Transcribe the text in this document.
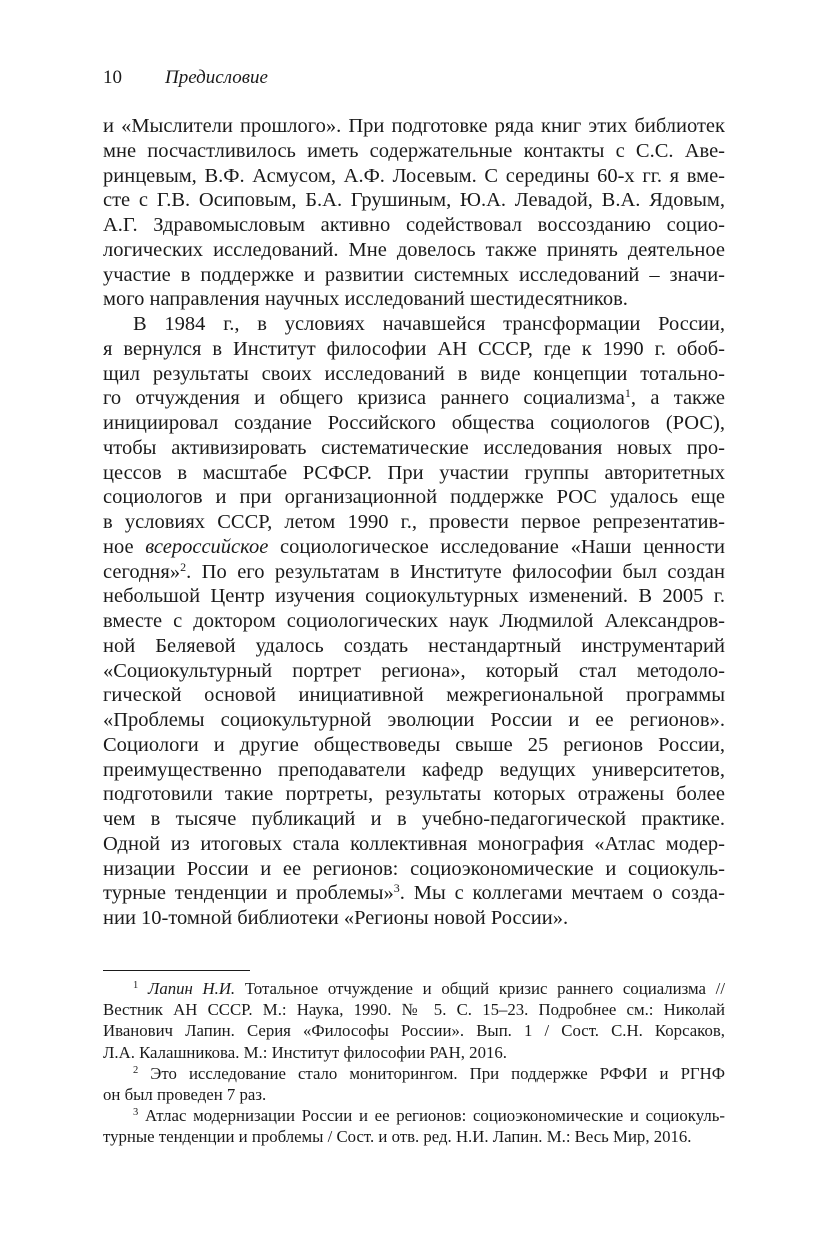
10 Предисловие
и «Мыслители прошлого». При подготовке ряда книг этих библиотек
мне посчастливилось иметь содержательные контакты с С.С. Аве-
ринцевым, В.Ф. Асмусом, А.Ф. Лосевым. С середины 60-х гг. я вме-
сте с Г.В. Осиповым, Б.А. Грушиным, Ю.А. Левадой, В.А. Ядовым,
А.Г. Здравомысловым активно содействовал воссозданию социо-
логических исследований. Мне довелось также принять деятельное
участие в поддержке и развитии системных исследований – значи-
мого направления научных исследований шестидесятников.
В 1984 г., в условиях начавшейся трансформации России,
я вернулся в Институт философии АН СССР, где к 1990 г. обоб-
щил результаты своих исследований в виде концепции тотально-
го отчуждения и общего кризиса раннего социализма$^1$, а также
инициировал создание Российского общества социологов (РОС),
чтобы активизировать систематические исследования новых про-
цессов в масштабе РСФСР. При участии группы авторитетных
социологов и при организационной поддержке РОС удалось еще
в условиях СССР, летом 1990 г., провести первое репрезентатив-
ное всероссийское социологическое исследование «Наши ценности
сегодня»$^2$. По его результатам в Институте философии был создан
небольшой Центр изучения социокультурных изменений. В 2005 г.
вместе с доктором социологических наук Людмилой Александров-
ной Беляевой удалось создать нестандартный инструментарий
«Социокультурный портрет региона», который стал методоло-
гической основой инициативной межрегиональной программы
«Проблемы социокультурной эволюции России и ее регионов».
Социологи и другие обществоведы свыше 25 регионов России,
преимущественно преподаватели кафедр ведущих университетов,
подготовили такие портреты, результаты которых отражены более
чем в тысяче публикаций и в учебно-педагогической практике.
Одной из итоговых стала коллективная монография «Атлас модер-
низации России и ее регионов: социоэкономические и социокуль-
турные тенденции и проблемы»$^3$. Мы с коллегами мечтаем о созда-
нии 10-томной библиотеки «Регионы новой России».
$^1$ Лапин Н.И. Тотальное отчуждение и общий кризис раннего социализма //
Вестник АН СССР. М.: Наука, 1990. № 5. С. 15–23. Подробнее см.: Николай
Иванович Лапин. Серия «Философы России». Вып. 1 / Сост. С.Н. Корсаков,
Л.А. Калашникова. М.: Институт философии РАН, 2016.
$^2$ Это исследование стало мониторингом. При поддержке РФФИ и РГНФ
он был проведен 7 раз.
$^3$ Атлас модернизации России и ее регионов: социоэкономические и социокуль-
турные тенденции и проблемы / Сост. и отв. ред. Н.И. Лапин. М.: Весь Мир, 2016.
